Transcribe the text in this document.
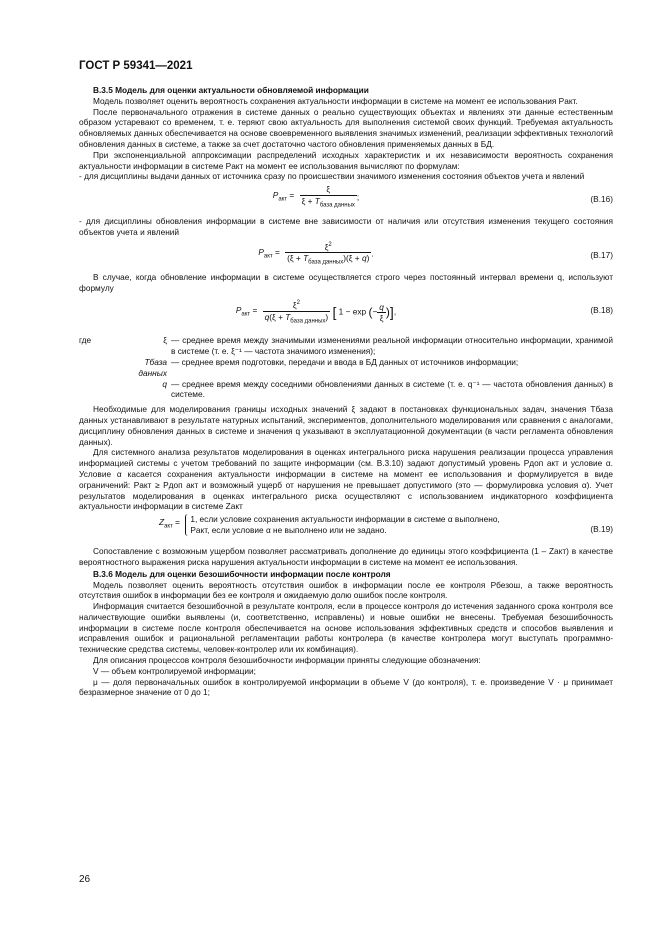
ГОСТ Р 59341—2021
В.3.5 Модель для оценки актуальности обновляемой информации
Модель позволяет оценить вероятность сохранения актуальности информации в системе на момент ее использования Pакт.
После первоначального отражения в системе данных о реально существующих объектах и явлениях эти данные естественным образом устаревают со временем, т. е. теряют свою актуальность для выполнения системой своих функций. Требуемая актуальность обновляемых данных обеспечивается на основе своевременного выявления значимых изменений, реализации эффективных технологий обновления данных в системе, а также за счет достаточно частого обновления применяемых данных в БД.
При экспоненциальной аппроксимации распределений исходных характеристик и их независимости вероятность сохранения актуальности информации в системе Pакт на момент ее использования вычисляют по формулам:
- для дисциплины выдачи данных от источника сразу по происшествии значимого изменения состояния объектов учета и явлений
$P_{акт} = \frac{\xi}{\xi + T_{база данных}}$ ;	(В.16)
- для дисциплины обновления информации в системе вне зависимости от наличия или отсутствия изменения текущего состояния объектов учета и явлений
$P_{акт} = \frac{\xi^2}{(\xi + T_{база данных})(\xi + q)}$ .	(В.17)
В случае, когда обновление информации в системе осуществляется строго через постоянный интервал времени q, используют формулу
$P_{акт} = \frac{\xi^2}{q(\xi + T_{база данных})}$ [ 1 − exp (− $\frac{q}{\xi}$ )],	(В.18)
где	ξ — среднее время между значимыми изменениями реальной информации относительно информации, хранимой в системе (т. е. ξ⁻¹ — частота значимого изменения);
Tбаза данных
— среднее время подготовки, передачи и ввода в БД данных от источников информации;
q — среднее время между соседними обновлениями данных в системе (т. е. q⁻¹ — частота обновления данных) в системе.
Необходимые для моделирования границы исходных значений ξ задают в постановках функциональных задач, значения Tбаза данных устанавливают в результате натурных испытаний, экспериментов, дополнительного моделирования или сравнения с аналогами, дисциплину обновления данных в системе и значения q указывают в эксплуатационной документации (в части регламента обновления данных).
Для системного анализа результатов моделирования в оценках интегрального риска нарушения реализации процесса управления информацией системы с учетом требований по защите информации (см. В.3.10) задают допустимый уровень Pдоп акт и условие α. Условие α касается сохранения актуальности информации в системе на момент ее использования и формулируется в виде ограничений: Pакт ≥ Pдоп акт и возможный ущерб от нарушения не превышает допустимого (это — формулировка условия α). Учет результатов моделирования в оценках интегрального риска осуществляют с использованием индикаторного коэффициента актуальности информации в системе Zакт
$Z_{акт} = 1$, если условие сохранения актуальности информации в системе α выполнено,
Pакт, если условие α не выполнено или не задано.	(В.19)
Сопоставление с возможным ущербом позволяет рассматривать дополнение до единицы этого коэффициента (1 – Zакт) в качестве вероятностного выражения риска нарушения актуальности информации в системе на момент ее использования.
В.3.6 Модель для оценки безошибочности информации после контроля
Модель позволяет оценить вероятность отсутствия ошибок в информации после ее контроля Pбезош, а также вероятность отсутствия ошибок в информации без ее контроля и ожидаемую долю ошибок после контроля.
Информация считается безошибочной в результате контроля, если в процессе контроля до истечения заданного срока контроля все наличествующие ошибки выявлены (и, соответственно, исправлены) и новые ошибки не внесены. Требуемая безошибочность информации в системе после контроля обеспечивается на основе использования эффективных средств и способов выявления и исправления ошибок и рациональной регламентации работы контролера (в качестве контролера могут выступать программно-технические средства системы, человек-контролер или их комбинация).
Для описания процессов контроля безошибочности информации приняты следующие обозначения:
V — объем контролируемой информации;
μ — доля первоначальных ошибок в контролируемой информации в объеме V (до контроля), т. е. произведение V · μ принимает безразмерное значение от 0 до 1;
26
